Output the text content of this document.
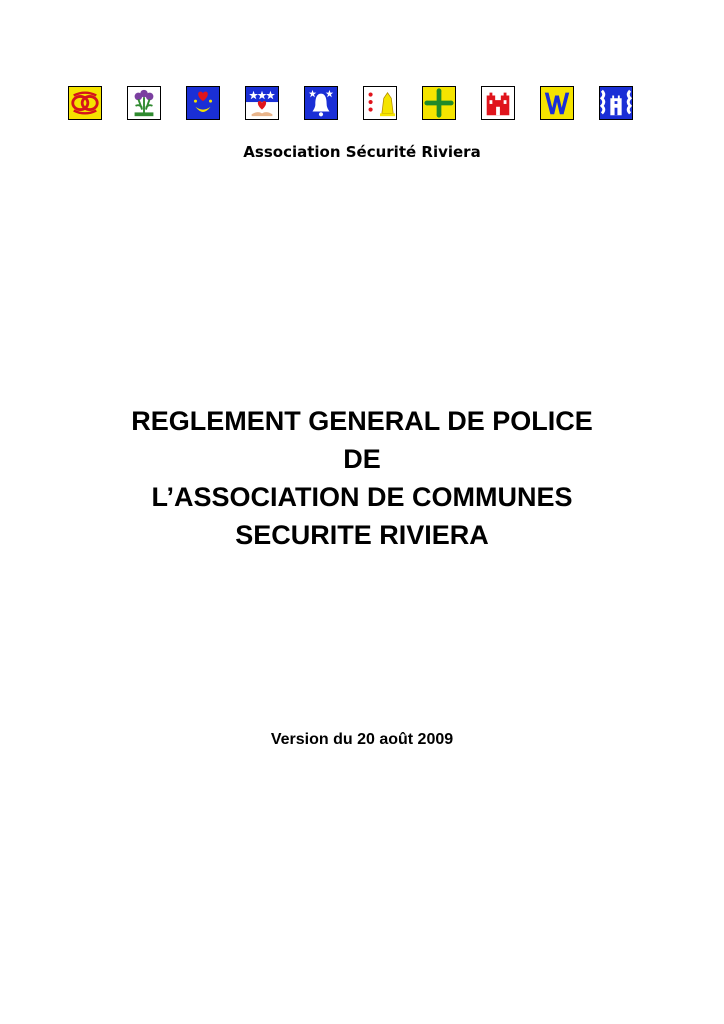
Association Sécurité Riviera
REGLEMENT GENERAL DE POLICE
DE
L’ASSOCIATION DE COMMUNES
SECURITE RIVIERA
Version du 20 août 2009
